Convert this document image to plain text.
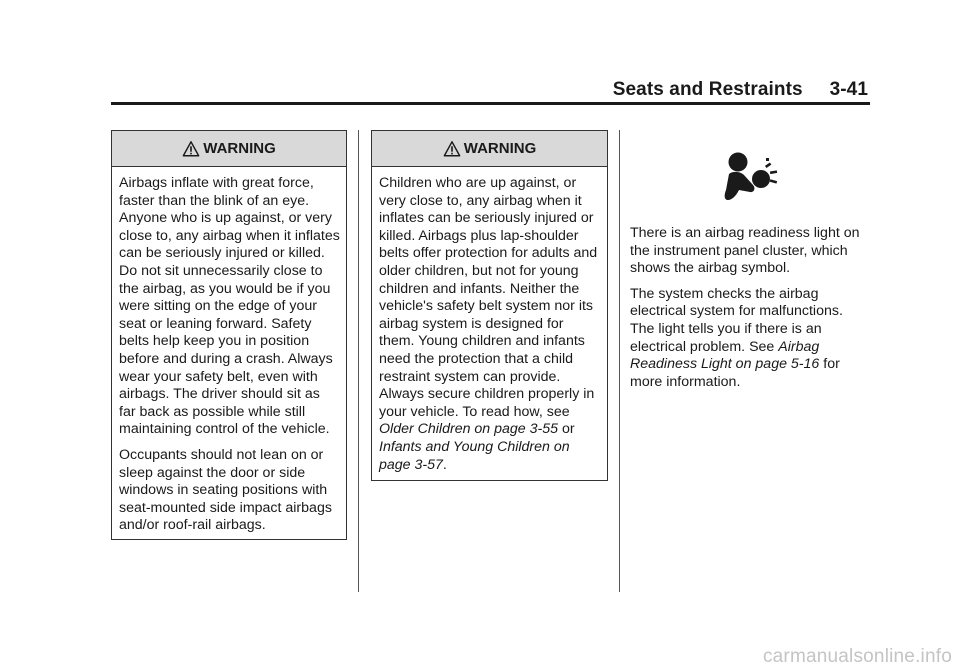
Seats and Restraints     3-41
WARNING

Airbags inflate with great force, faster than the blink of an eye. Anyone who is up against, or very close to, any airbag when it inflates can be seriously injured or killed. Do not sit unnecessarily close to the airbag, as you would be if you were sitting on the edge of your seat or leaning forward. Safety belts help keep you in position before and during a crash. Always wear your safety belt, even with airbags. The driver should sit as far back as possible while still maintaining control of the vehicle.

Occupants should not lean on or sleep against the door or side windows in seating positions with seat-mounted side impact airbags and/or roof-rail airbags.

WARNING

Children who are up against, or very close to, any airbag when it inflates can be seriously injured or killed. Airbags plus lap-shoulder belts offer protection for adults and older children, but not for young children and infants. Neither the vehicle's safety belt system nor its airbag system is designed for them. Young children and infants need the protection that a child restraint system can provide. Always secure children properly in your vehicle. To read how, see Older Children on page 3-55 or Infants and Young Children on page 3-57.

There is an airbag readiness light on the instrument panel cluster, which shows the airbag symbol.

The system checks the airbag electrical system for malfunctions. The light tells you if there is an electrical problem. See Airbag Readiness Light on page 5-16 for more information.

carmanualsonline.info
